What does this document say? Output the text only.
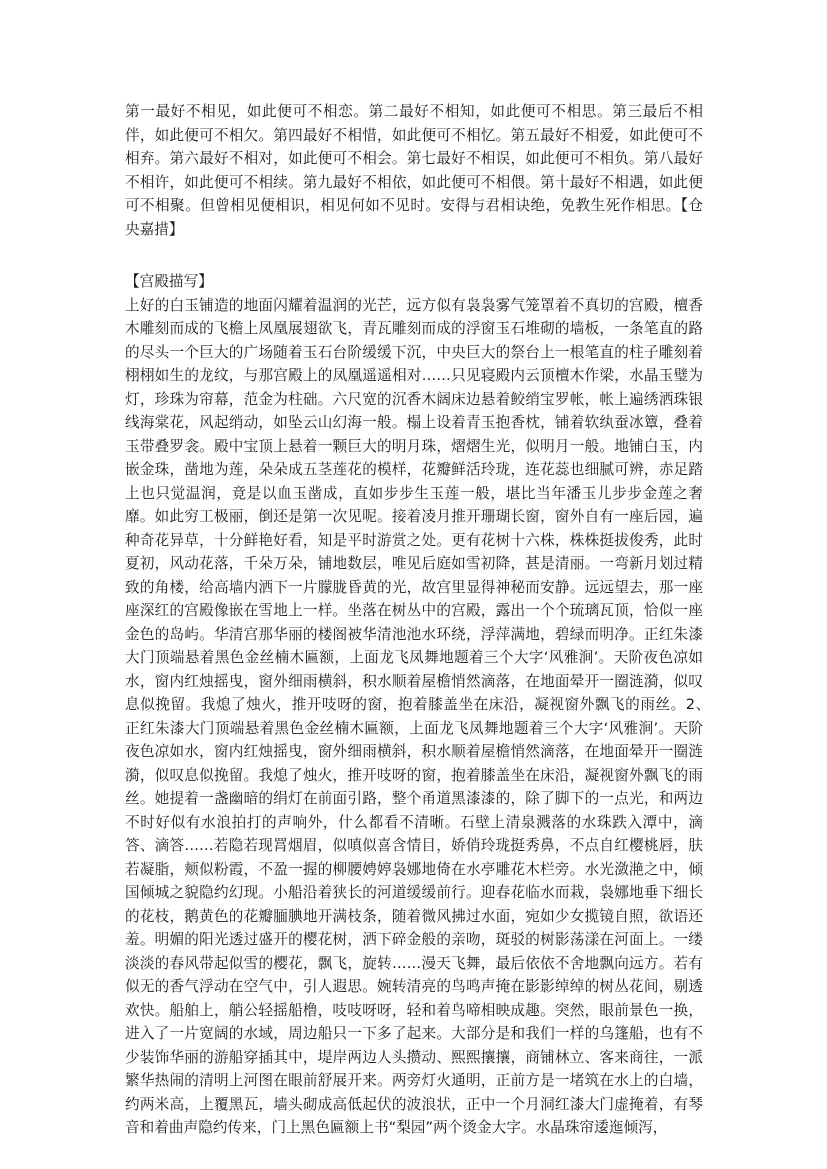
第一最好不相见，如此便可不相恋。第二最好不相知，如此便可不相思。第三最后不相伴，如此便可不相欠。第四最好不相惜，如此便可不相忆。第五最好不相爱，如此便可不相弃。第六最好不相对，如此便可不相会。第七最好不相误，如此便可不相负。第八最好不相许，如此便可不相续。第九最好不相依，如此便可不相偎。第十最好不相遇，如此便可不相聚。但曾相见便相识，相见何如不见时。安得与君相诀绝，免教生死作相思。【仓央嘉措】

【宫殿描写】

上好的白玉铺造的地面闪耀着温润的光芒，远方似有袅袅雾气笼罩着不真切的宫殿，檀香木雕刻而成的飞檐上凤凰展翅欲飞，青瓦雕刻而成的浮窗玉石堆砌的墙板，一条笔直的路的尽头一个巨大的广场随着玉石台阶缓缓下沉，中央巨大的祭台上一根笔直的柱子雕刻着栩栩如生的龙纹，与那宫殿上的凤凰遥遥相对……只见寝殿内云顶檀木作梁，水晶玉璧为灯，珍珠为帘幕，范金为柱础。六尺宽的沉香木阔床边悬着鲛绡宝罗帐，帐上遍绣洒珠银线海棠花，风起绡动，如坠云山幻海一般。榻上设着青玉抱香枕，铺着软纨蚕冰簟，叠着玉带叠罗衾。殿中宝顶上悬着一颗巨大的明月珠，熠熠生光，似明月一般。地铺白玉，内嵌金珠，凿地为莲，朵朵成五茎莲花的模样，花瓣鲜活玲珑，连花蕊也细腻可辨，赤足踏上也只觉温润，竟是以血玉凿成，直如步步生玉莲一般，堪比当年潘玉儿步步金莲之奢靡。如此穷工极丽，倒还是第一次见呢。接着凌月推开珊瑚长窗，窗外自有一座后园，遍种奇花异草，十分鲜艳好看，知是平时游赏之处。更有花树十六株，株株挺拔俊秀，此时夏初，风动花落，千朵万朵，铺地数层，唯见后庭如雪初降，甚是清丽。一弯新月划过精致的角楼，给高墙内洒下一片朦胧昏黄的光，故宫里显得神秘而安静。远远望去，那一座座深红的宫殿像嵌在雪地上一样。坐落在树丛中的宫殿，露出一个个琉璃瓦顶，恰似一座金色的岛屿。华清宫那华丽的楼阁被华清池池水环绕，浮萍满地，碧绿而明净。正红朱漆大门顶端悬着黑色金丝楠木匾额，上面龙飞凤舞地题着三个大字‘风雅涧’。天阶夜色凉如水，窗内红烛摇曳，窗外细雨横斜，积水顺着屋檐悄然滴落，在地面晕开一圈涟漪，似叹息似挽留。我熄了烛火，推开吱呀的窗，抱着膝盖坐在床沿，凝视窗外飘飞的雨丝。2、　正红朱漆大门顶端悬着黑色金丝楠木匾额，上面龙飞凤舞地题着三个大字‘风雅涧’。天阶夜色凉如水，窗内红烛摇曳，窗外细雨横斜，积水顺着屋檐悄然滴落，在地面晕开一圈涟漪，似叹息似挽留。我熄了烛火，推开吱呀的窗，抱着膝盖坐在床沿，凝视窗外飘飞的雨丝。她提着一盏幽暗的绢灯在前面引路，整个甬道黑漆漆的，除了脚下的一点光，和两边不时好似有水浪拍打的声响外，什么都看不清晰。石壁上清泉溅落的水珠跌入潭中，滴答、滴答……若隐若现罥烟眉，似嗔似喜含情目，娇俏玲珑挺秀鼻，不点自红樱桃唇，肤若凝脂，颊似粉霞，不盈一握的柳腰娉婷袅娜地倚在水亭雕花木栏旁。水光潋滟之中，倾国倾城之貌隐约幻现。小船沿着狭长的河道缓缓前行。迎春花临水而栽，袅娜地垂下细长的花枝，鹅黄色的花瓣腼腆地开满枝条，随着微风拂过水面，宛如少女揽镜自照，欲语还羞。明媚的阳光透过盛开的樱花树，洒下碎金般的亲吻，斑驳的树影荡漾在河面上。一缕淡淡的春风带起似雪的樱花，飘飞，旋转……漫天飞舞，最后依依不舍地飘向远方。若有似无的香气浮动在空气中，引人遐思。婉转清亮的鸟鸣声掩在影影绰绰的树丛花间，剔透欢快。船舶上，艄公轻摇船橹，吱吱呀呀，轻和着鸟啼相映成趣。突然，眼前景色一换，进入了一片宽阔的水域，周边船只一下多了起来。大部分是和我们一样的乌篷船，也有不少装饰华丽的游船穿插其中，堤岸两边人头攒动、熙熙攘攘，商铺林立、客来商往，一派繁华热闹的清明上河图在眼前舒展开来。两旁灯火通明，正前方是一堵筑在水上的白墙，约两米高，上覆黑瓦，墙头砌成高低起伏的波浪状，正中一个月洞红漆大门虚掩着，有琴音和着曲声隐约传来，门上黑色匾额上书“梨园”两个烫金大字。水晶珠帘逶迤倾泻，
